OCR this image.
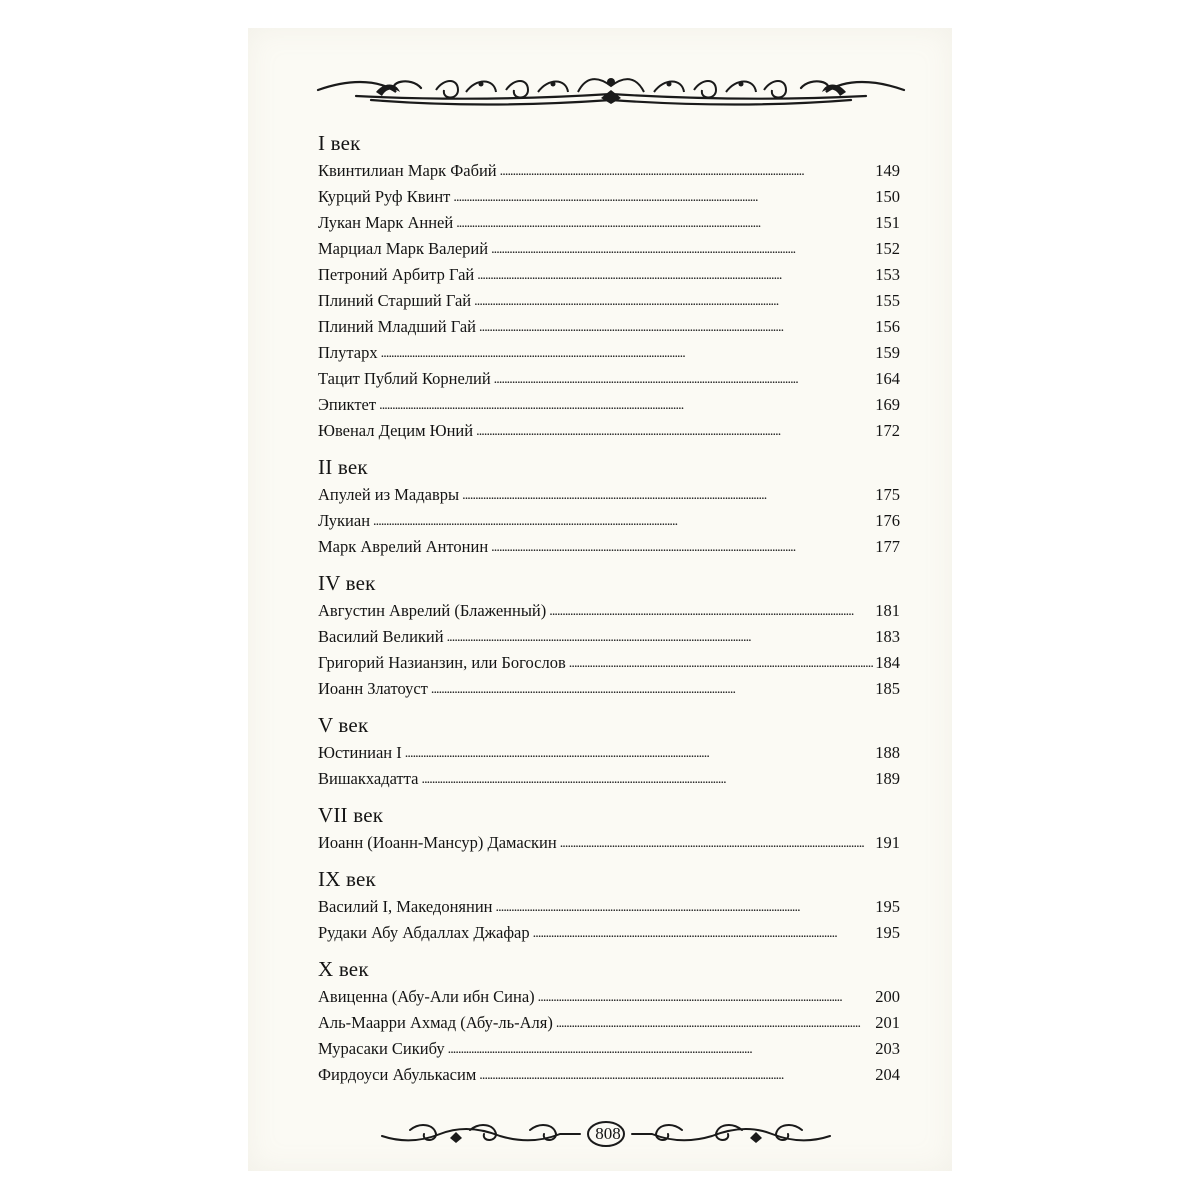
I век
Квинтилиан Марк Фабий . . .	149
Курций Руф Квинт . . .	150
Лукан Марк Анней . . .	151
Марциал Марк Валерий . . .	152
Петроний Арбитр Гай . . .	153
Плиний Старший Гай . . .	155
Плиний Младший Гай . . .	156
Плутарх . . .	159
Тацит Публий Корнелий . . .	164
Эпиктет . . .	169
Ювенал Децим Юний . . .	172
II век
Апулей из Мадавры . . .	175
Лукиан . . .	176
Марк Аврелий Антонин . . .	177
IV век
Августин Аврелий (Блаженный) . . .	181
Василий Великий . . .	183
Григорий Назианзин, или Богослов . . .	184
Иоанн Златоуст . . .	185
V век
Юстиниан I . . .	188
Вишакхадатта . . .	189
VII век
Иоанн (Иоанн-Мансур) Дамаскин . . .	191
IX век
Василий I, Македонянин . . .	195
Рудаки Абу Абдаллах Джафар . . .	195
X век
Авиценна (Абу-Али ибн Сина) . . .	200
Аль-Маарри Ахмад (Абу-ль-Аля) . . .	201
Мурасаки Сикибу . . .	203
Фирдоуси Абулькасим . . .	204
808
